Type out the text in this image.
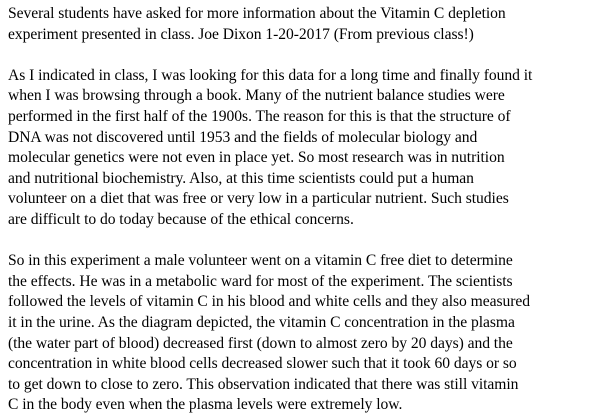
Several students have asked for more information about the Vitamin C depletion
experiment presented in class. Joe Dixon 1-20-2017 (From previous class!)

As I indicated in class, I was looking for this data for a long time and finally found it
when I was browsing through a book. Many of the nutrient balance studies were
performed in the first half of the 1900s. The reason for this is that the structure of
DNA was not discovered until 1953 and the fields of molecular biology and
molecular genetics were not even in place yet. So most research was in nutrition
and nutritional biochemistry. Also, at this time scientists could put a human
volunteer on a diet that was free or very low in a particular nutrient. Such studies
are difficult to do today because of the ethical concerns.

So in this experiment a male volunteer went on a vitamin C free diet to determine
the effects. He was in a metabolic ward for most of the experiment. The scientists
followed the levels of vitamin C in his blood and white cells and they also measured
it in the urine. As the diagram depicted, the vitamin C concentration in the plasma
(the water part of blood) decreased first (down to almost zero by 20 days) and the
concentration in white blood cells decreased slower such that it took 60 days or so
to get down to close to zero. This observation indicated that there was still vitamin
C in the body even when the plasma levels were extremely low.
